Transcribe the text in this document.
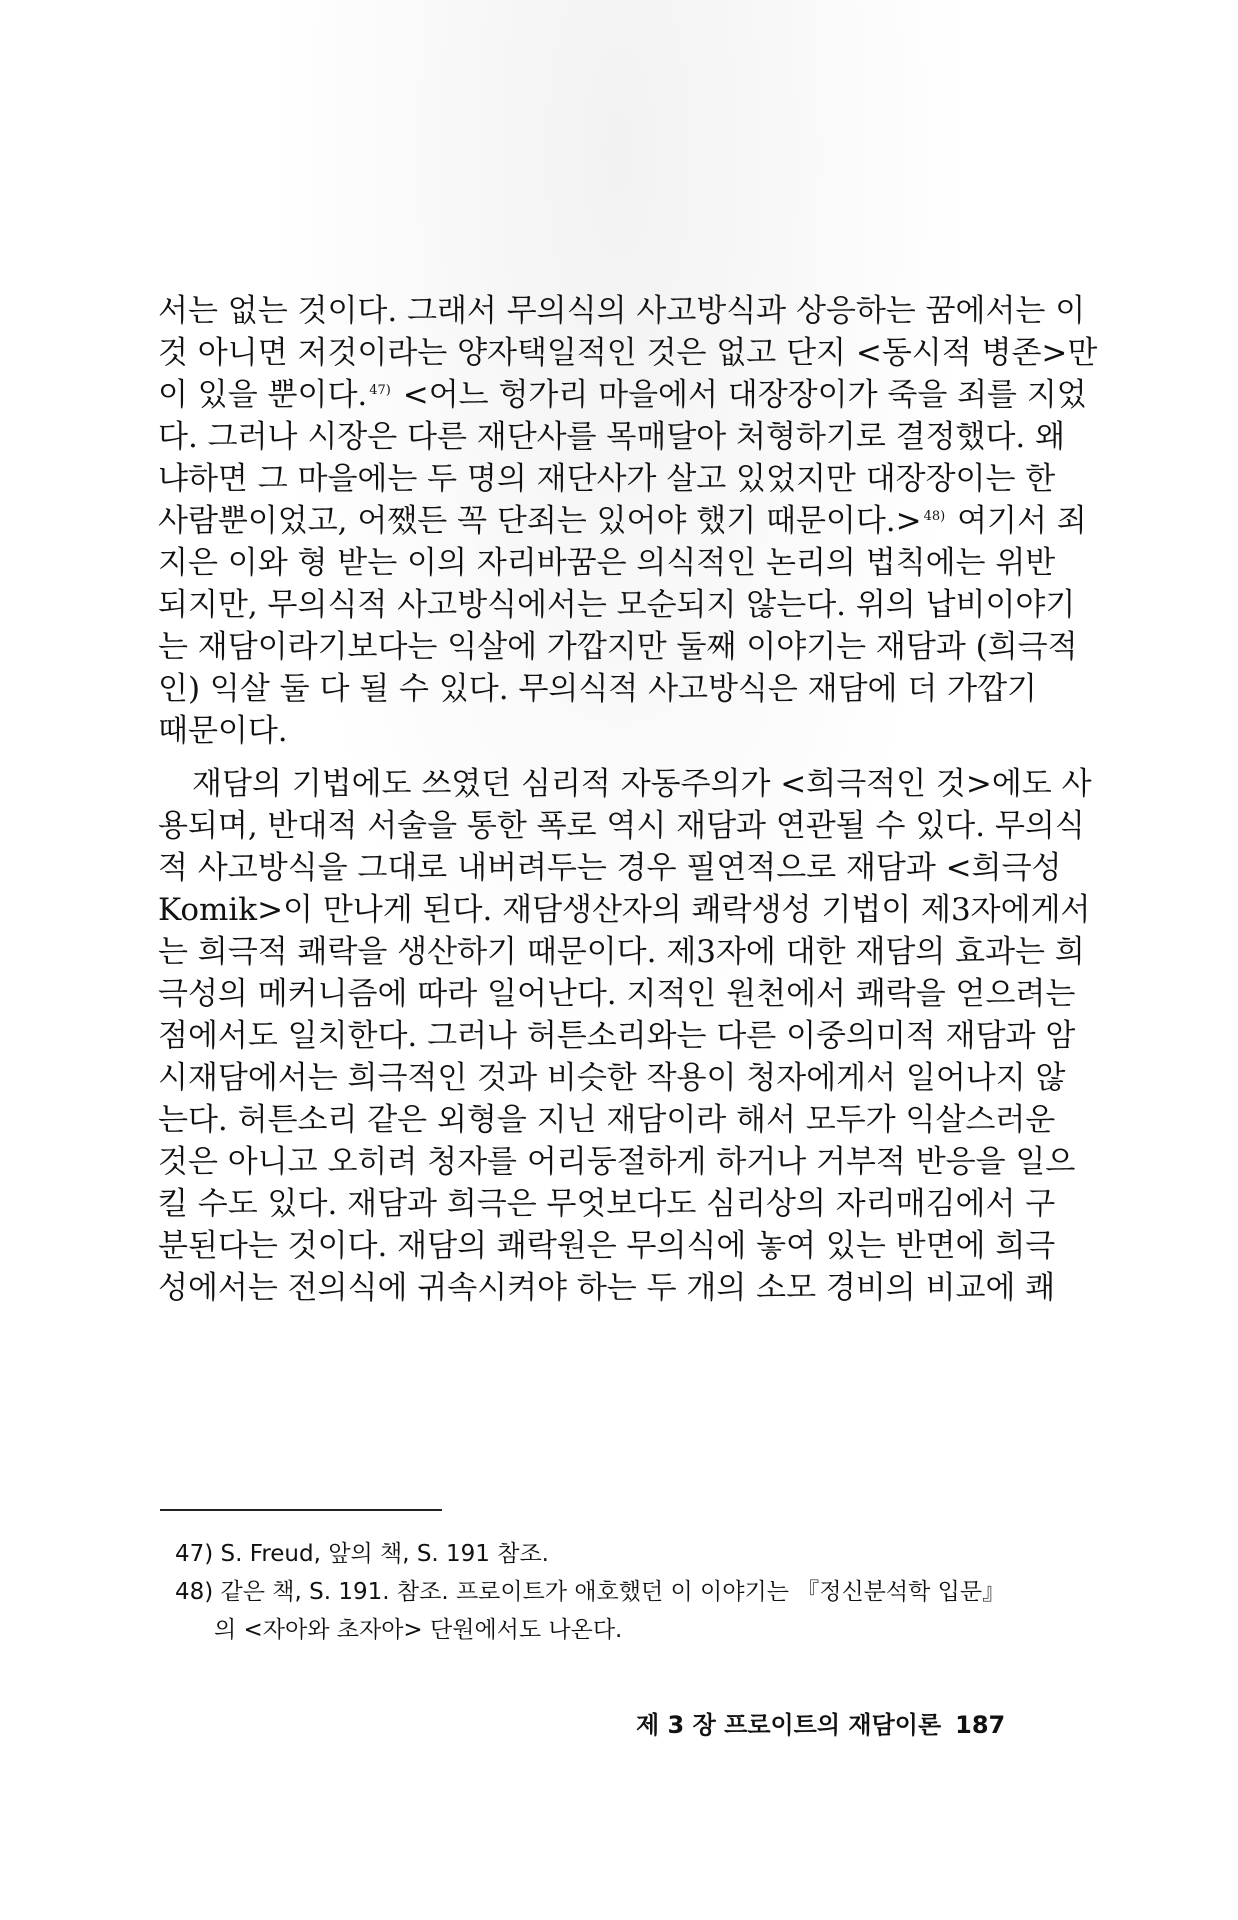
서는 없는 것이다. 그래서 무의식의 사고방식과 상응하는 꿈에서는 이
것 아니면 저것이라는 양자택일적인 것은 없고 단지 <동시적 병존>만
이 있을 뿐이다. $^{47)}$ <어느 헝가리 마을에서 대장장이가 죽을 죄를 지었
다. 그러나 시장은 다른 재단사를 목매달아 처형하기로 결정했다. 왜
냐하면 그 마을에는 두 명의 재단사가 살고 있었지만 대장장이는 한
사람뿐이었고, 어쨌든 꼭 단죄는 있어야 했기 때문이다.> $^{48)}$ 여기서 죄
지은 이와 형 받는 이의 자리바꿈은 의식적인 논리의 법칙에는 위반
되지만, 무의식적 사고방식에서는 모순되지 않는다. 위의 납비이야기
는 재담이라기보다는 익살에 가깝지만 둘째 이야기는 재담과 (희극적
인) 익살 둘 다 될 수 있다. 무의식적 사고방식은 재담에 더 가깝기
때문이다.
재담의 기법에도 쓰였던 심리적 자동주의가 <희극적인 것>에도 사
용되며, 반대적 서술을 통한 폭로 역시 재담과 연관될 수 있다. 무의식
적 사고방식을 그대로 내버려두는 경우 필연적으로 재담과 <희극성
Komik>이 만나게 된다. 재담생산자의 쾌락생성 기법이 제3자에게서
는 희극적 쾌락을 생산하기 때문이다. 제3자에 대한 재담의 효과는 희
극성의 메커니즘에 따라 일어난다. 지적인 원천에서 쾌락을 얻으려는
점에서도 일치한다. 그러나 허튼소리와는 다른 이중의미적 재담과 암
시재담에서는 희극적인 것과 비슷한 작용이 청자에게서 일어나지 않
는다. 허튼소리 같은 외형을 지닌 재담이라 해서 모두가 익살스러운
것은 아니고 오히려 청자를 어리둥절하게 하거나 거부적 반응을 일으
킬 수도 있다. 재담과 희극은 무엇보다도 심리상의 자리매김에서 구
분된다는 것이다. 재담의 쾌락원은 무의식에 놓여 있는 반면에 희극
성에서는 전의식에 귀속시켜야 하는 두 개의 소모 경비의 비교에 쾌
47) S. Freud, 앞의 책, S. 191 참조.
48) 같은 책, S. 191. 참조. 프로이트가 애호했던 이 이야기는 『정신분석학 입문』
의 <자아와 초자아> 단원에서도 나온다.
제 3 장 프로이트의 재담이론 187
